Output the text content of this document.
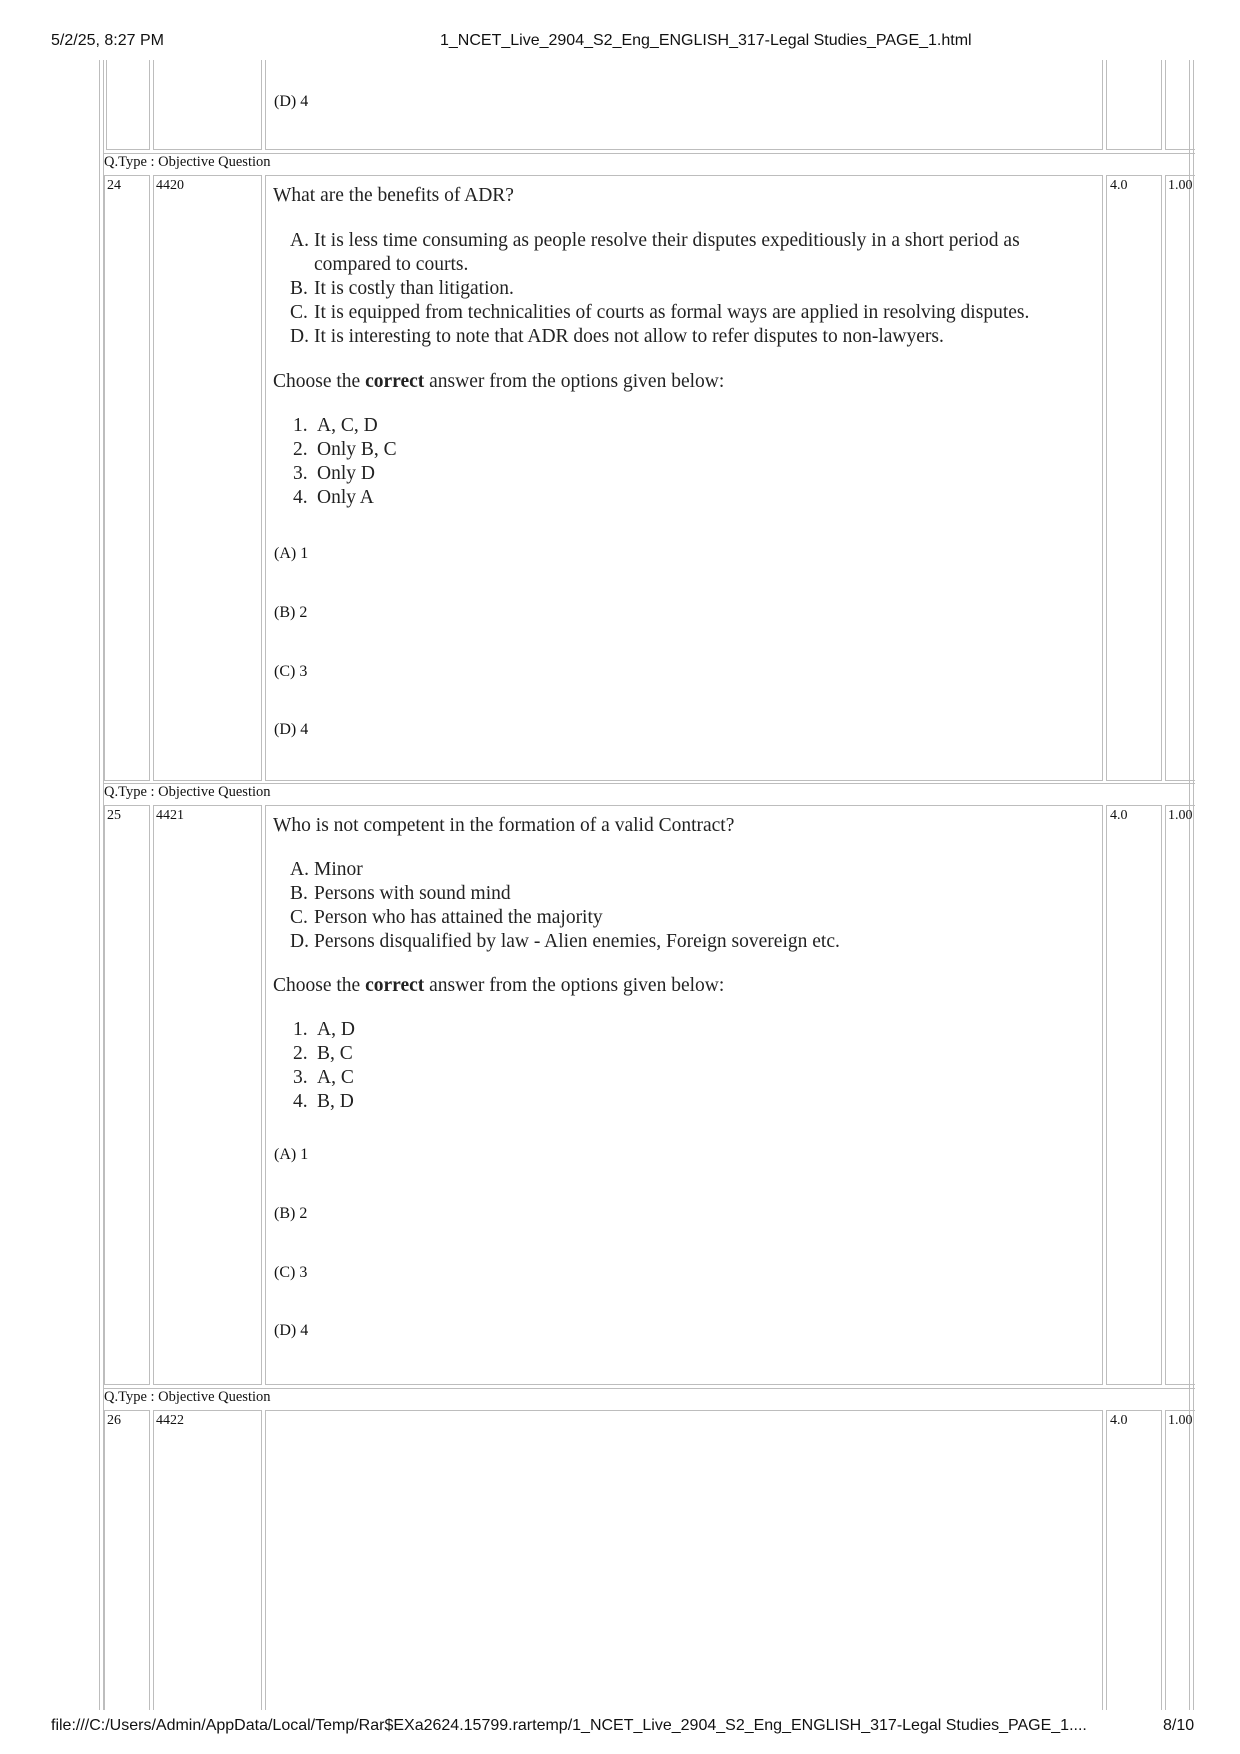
5/2/25, 8:27 PM	1_NCET_Live_2904_S2_Eng_ENGLISH_317-Legal Studies_PAGE_1.html
(D) 4
Q.Type : Objective Question
24	4420	4.0	1.00
What are the benefits of ADR?
A. It is less time consuming as people resolve their disputes expeditiously in a short period as compared to courts.
B. It is costly than litigation.
C. It is equipped from technicalities of courts as formal ways are applied in resolving disputes.
D. It is interesting to note that ADR does not allow to refer disputes to non-lawyers.
Choose the correct answer from the options given below:
1. A, C, D
2. Only B, C
3. Only D
4. Only A
(A) 1
(B) 2
(C) 3
(D) 4
Q.Type : Objective Question
25	4421	4.0	1.00
Who is not competent in the formation of a valid Contract?
A. Minor
B. Persons with sound mind
C. Person who has attained the majority
D. Persons disqualified by law - Alien enemies, Foreign sovereign etc.
Choose the correct answer from the options given below:
1. A, D
2. B, C
3. A, C
4. B, D
(A) 1
(B) 2
(C) 3
(D) 4
Q.Type : Objective Question
26	4422	4.0	1.00
file:///C:/Users/Admin/AppData/Local/Temp/Rar$EXa2624.15799.rartemp/1_NCET_Live_2904_S2_Eng_ENGLISH_317-Legal Studies_PAGE_1....	8/10
